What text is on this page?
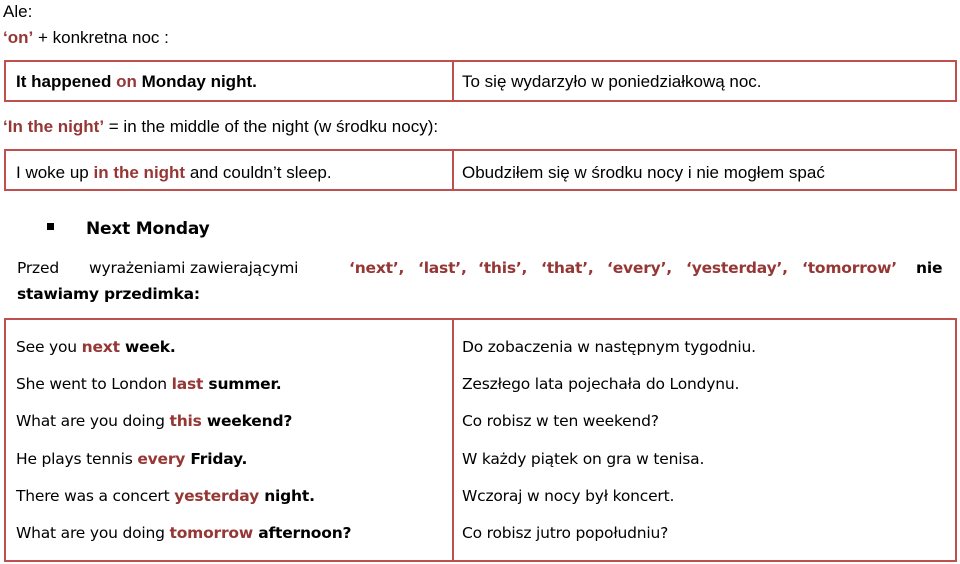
Ale:
‘on’ + konkretna noc :
It happened on Monday night.	To się wydarzyło w poniedziałkową noc.
‘In the night’ = in the middle of the night (w środku nocy):
I woke up in the night and couldn’t sleep.	Obudziłem się w środku nocy i nie mogłem spać
Next Monday
Przed wyrażeniami zawierającymi	‘next’, ‘last’, ‘this’, ‘that’, ‘every’, ‘yesterday’, ‘tomorrow’ nie
stawiamy przedimka:
See you next week.	Do zobaczenia w następnym tygodniu.
She went to London last summer.	Zeszłego lata pojechała do Londynu.
What are you doing this weekend?	Co robisz w ten weekend?
He plays tennis every Friday.	W każdy piątek on gra w tenisa.
There was a concert yesterday night.	Wczoraj w nocy był koncert.
What are you doing tomorrow afternoon?	Co robisz jutro popołudniu?
